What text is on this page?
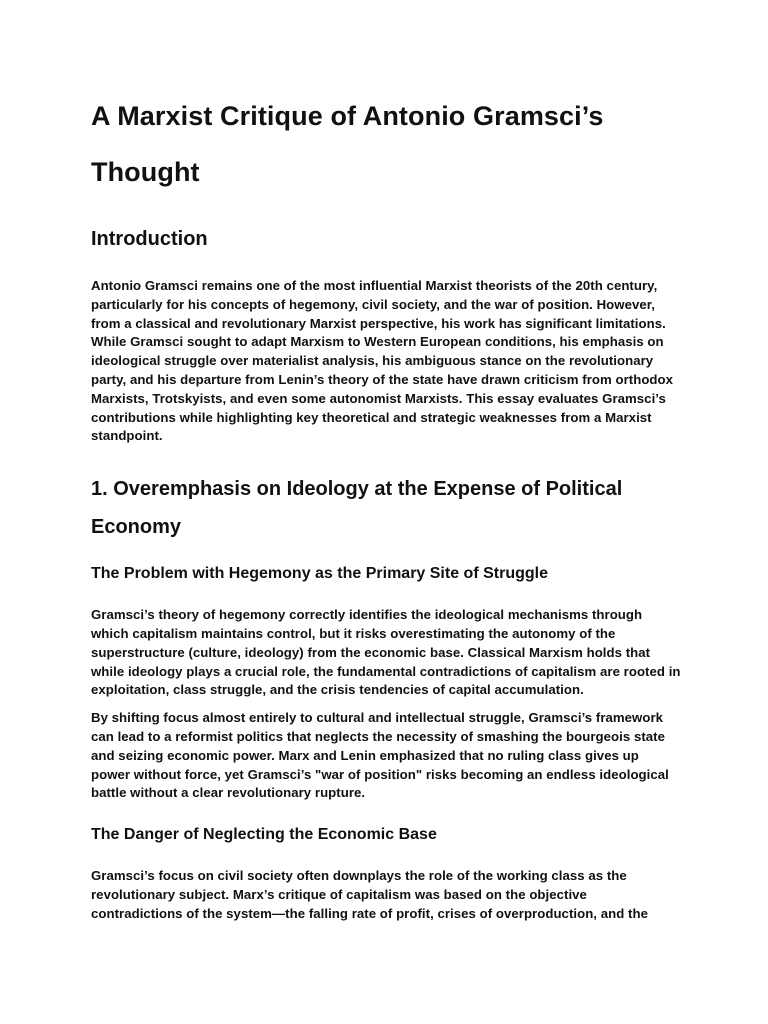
A Marxist Critique of Antonio Gramsci’s Thought
Introduction

Antonio Gramsci remains one of the most influential Marxist theorists of the 20th century, particularly for his concepts of hegemony, civil society, and the war of position. However, from a classical and revolutionary Marxist perspective, his work has significant limitations. While Gramsci sought to adapt Marxism to Western European conditions, his emphasis on ideological struggle over materialist analysis, his ambiguous stance on the revolutionary party, and his departure from Lenin’s theory of the state have drawn criticism from orthodox Marxists, Trotskyists, and even some autonomist Marxists. This essay evaluates Gramsci’s contributions while highlighting key theoretical and strategic weaknesses from a Marxist standpoint.

1. Overemphasis on Ideology at the Expense of Political Economy
The Problem with Hegemony as the Primary Site of Struggle

Gramsci’s theory of hegemony correctly identifies the ideological mechanisms through which capitalism maintains control, but it risks overestimating the autonomy of the superstructure (culture, ideology) from the economic base. Classical Marxism holds that while ideology plays a crucial role, the fundamental contradictions of capitalism are rooted in exploitation, class struggle, and the crisis tendencies of capital accumulation.

By shifting focus almost entirely to cultural and intellectual struggle, Gramsci’s framework can lead to a reformist politics that neglects the necessity of smashing the bourgeois state and seizing economic power. Marx and Lenin emphasized that no ruling class gives up power without force, yet Gramsci’s "war of position" risks becoming an endless ideological battle without a clear revolutionary rupture.

The Danger of Neglecting the Economic Base

Gramsci’s focus on civil society often downplays the role of the working class as the revolutionary subject. Marx’s critique of capitalism was based on the objective contradictions of the system—the falling rate of profit, crises of overproduction, and the
